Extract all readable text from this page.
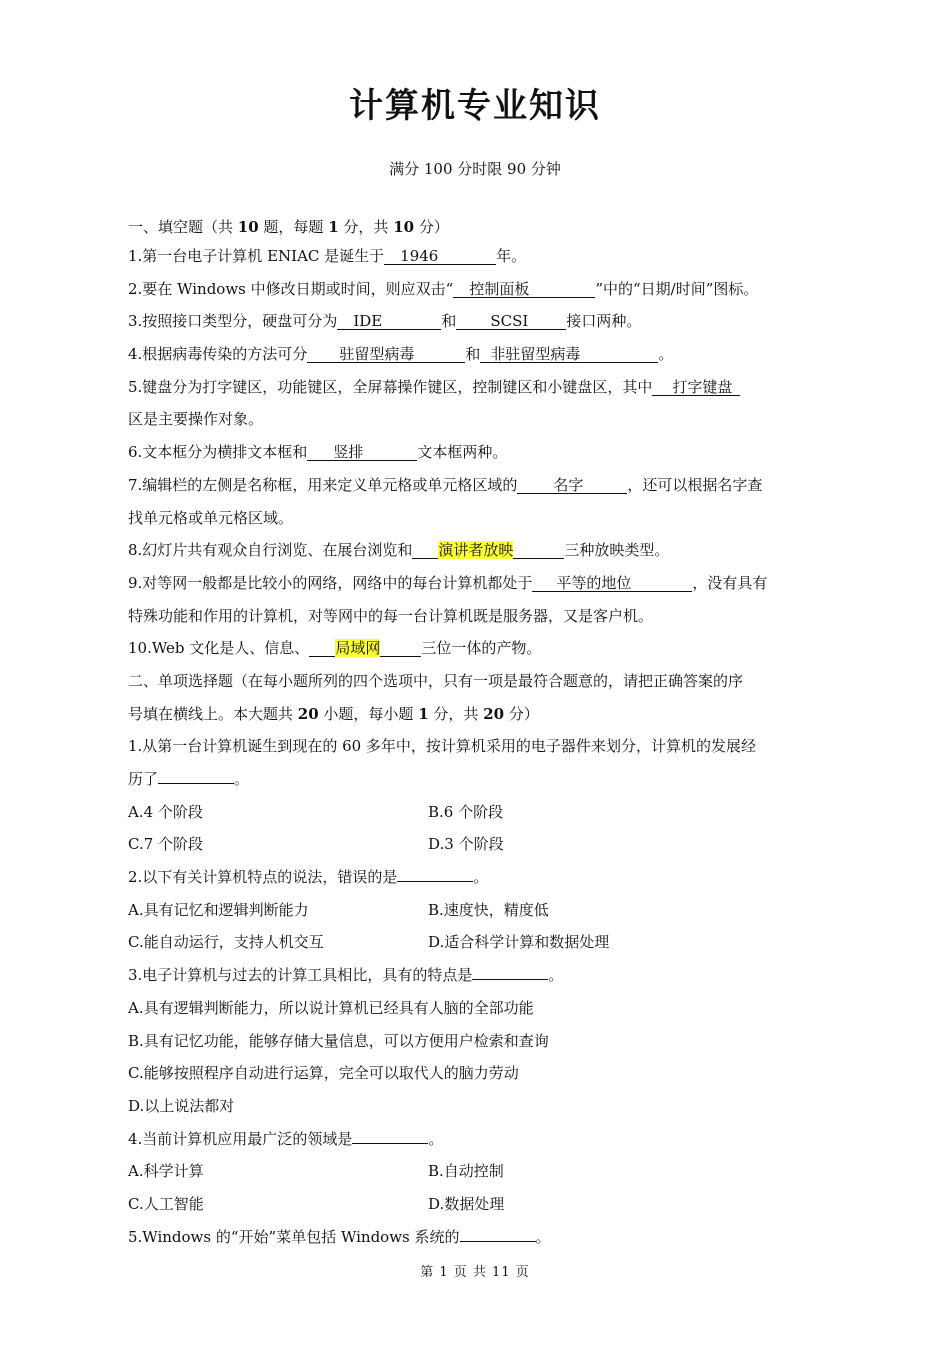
计算机专业知识
满分 100 分时限 90 分钟
一、填空题（共 10 题，每题 1 分，共 10 分）
1.第一台电子计算机 ENIAC 是诞生于 1946	年。
2.要在 Windows 中修改日期或时间，则应双击“ 控制面板	”中的“日期/时间”图标。
3.按照接口类型分，硬盘可分为 IDE	和 SCSI	接口两种。
4.根据病毒传染的方法可分 驻留型病毒	和 非驻留型病毒	。
5.键盘分为打字键区，功能键区，全屏幕操作键区，控制键区和小键盘区，其中 打字键盘
区是主要操作对象。
6.文本框分为横排文本框和 竖排	文本框两种。
7.编辑栏的左侧是名称框，用来定义单元格或单元格区域的 名字	，还可以根据名字查
找单元格或单元格区域。
8.幻灯片共有观众自行浏览、在展台浏览和 演讲者放映	三种放映类型。
9.对等网一般都是比较小的网络，网络中的每台计算机都处于 平等的地位	，没有具有
特殊功能和作用的计算机，对等网中的每一台计算机既是服务器，又是客户机。
10.Web 文化是人、信息、 局域网	三位一体的产物。
二、单项选择题（在每小题所列的四个选项中，只有一项是最符合题意的，请把正确答案的序
号填在横线上。本大题共 20 小题，每小题 1 分，共 20 分）
1.从第一台计算机诞生到现在的 60 多年中，按计算机采用的电子器件来划分，计算机的发展经
历了	。
A.4 个阶段	B.6 个阶段
C.7 个阶段	D.3 个阶段
2.以下有关计算机特点的说法，错误的是	。
A.具有记忆和逻辑判断能力	B.速度快，精度低
C.能自动运行，支持人机交互	D.适合科学计算和数据处理
3.电子计算机与过去的计算工具相比，具有的特点是	。
A.具有逻辑判断能力，所以说计算机已经具有人脑的全部功能
B.具有记忆功能，能够存储大量信息，可以方便用户检索和查询
C.能够按照程序自动进行运算，完全可以取代人的脑力劳动
D.以上说法都对
4.当前计算机应用最广泛的领域是	。
A.科学计算	B.自动控制
C.人工智能	D.数据处理
5.Windows 的“开始”菜单包括 Windows 系统的	。
第 1 页 共 11 页
